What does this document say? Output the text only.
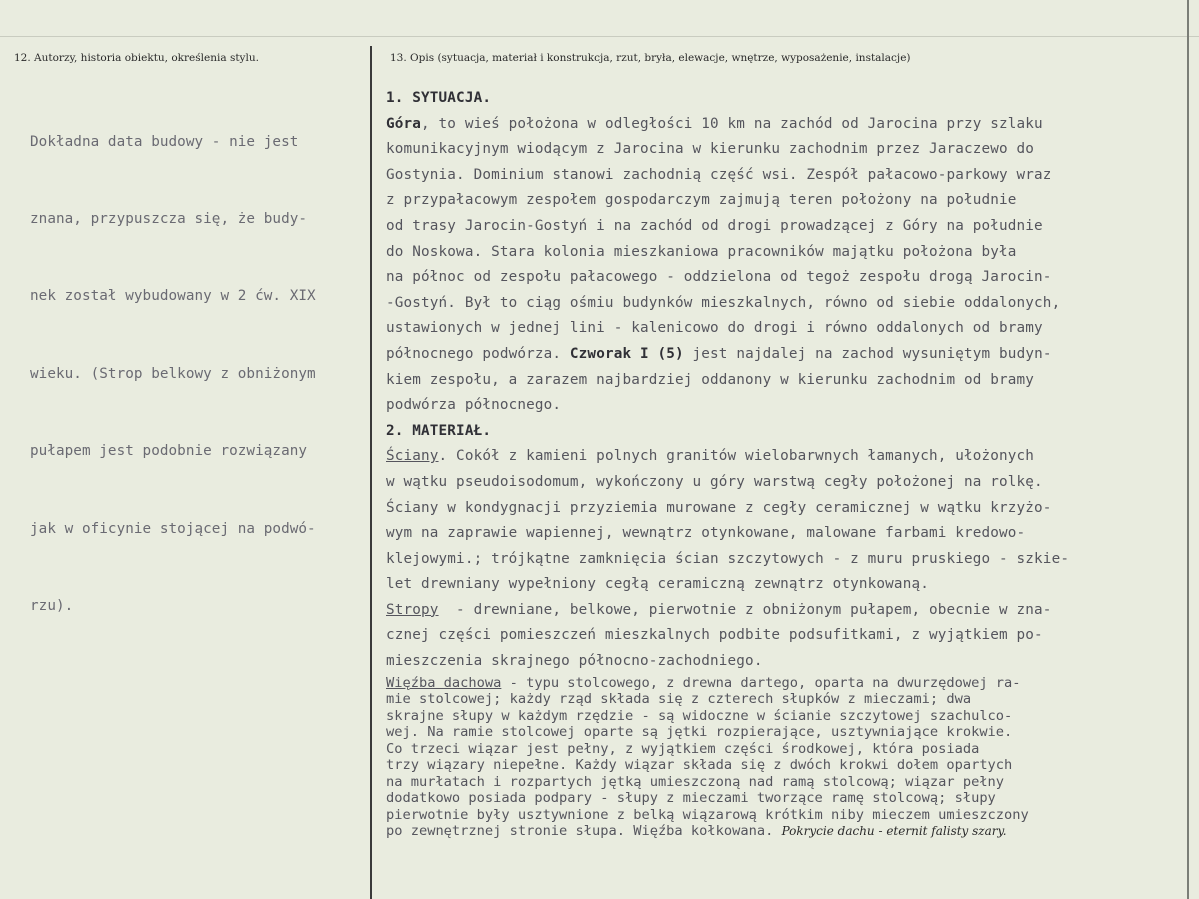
12. Autorzy, historia obiektu, określenia stylu.	13. Opis (sytuacja, materiał i konstrukcja, rzut, bryła, elewacje, wnętrze, wyposażenie, instalacje)

Dokładna data budowy - nie jest

znana, przypuszcza się, że budy-

nek został wybudowany w 2 ćw. XIX

wieku. (Strop belkowy z obniżonym

pułapem jest podobnie rozwiązany

jak w oficynie stojącej na podwó-

rzu).

1. SYTUACJA.
Góra, to wieś położona w odległości 10 km na zachód od Jarocina przy szlaku
komunikacyjnym wiodącym z Jarocina w kierunku zachodnim przez Jaraczewo do
Gostynia. Dominium stanowi zachodnią część wsi. Zespół pałacowo-parkowy wraz
z przypałacowym zespołem gospodarczym zajmują teren położony na południe
od trasy Jarocin-Gostyń i na zachód od drogi prowadzącej z Góry na południe
do Noskowa. Stara kolonia mieszkaniowa pracowników majątku położona była
na północ od zespołu pałacowego - oddzielona od tegoż zespołu drogą Jarocin-
-Gostyń. Był to ciąg ośmiu budynków mieszkalnych, równo od siebie oddalonych,
ustawionych w jednej lini - kalenicowo do drogi i równo oddalonych od bramy
północnego podwórza. Czworak I (5) jest najdalej na zachod wysuniętym budyn-
kiem zespołu, a zarazem najbardziej oddanony w kierunku zachodnim od bramy
podwórza północnego.
2. MATERIAŁ.
Ściany. Cokół z kamieni polnych granitów wielobarwnych łamanych, ułożonych
w wątku pseudoisodomum, wykończony u góry warstwą cegły położonej na rolkę.
Ściany w kondygnacji przyziemia murowane z cegły ceramicznej w wątku krzyżo-
wym na zaprawie wapiennej, wewnątrz otynkowane, malowane farbami kredowo-
klejowymi.; trójkątne zamknięcia ścian szczytowych - z muru pruskiego - szkie-
let drewniany wypełniony cegłą ceramiczną zewnątrz otynkowaną.
Stropy  - drewniane, belkowe, pierwotnie z obniżonym pułapem, obecnie w zna-
cznej części pomieszczeń mieszkalnych podbite podsufitkami, z wyjątkiem po-
mieszczenia skrajnego północno-zachodniego.
Więźba dachowa - typu stolcowego, z drewna dartego, oparta na dwurzędowej ra-
mie stolcowej; każdy rząd składa się z czterech słupków z mieczami; dwa
skrajne słupy w każdym rzędzie - są widoczne w ścianie szczytowej szachulco-
wej. Na ramie stolcowej oparte są jętki rozpierające, usztywniające krokwie.
Co trzeci wiązar jest pełny, z wyjątkiem części środkowej, która posiada
trzy wiązary niepełne. Każdy wiązar składa się z dwóch krokwi dołem opartych
na murłatach i rozpartych jętką umieszczoną nad ramą stolcową; wiązar pełny
dodatkowo posiada podpary - słupy z mieczami tworzące ramę stolcową; słupy
pierwotnie były usztywnione z belką wiązarową krótkim niby mieczem umieszczony
po zewnętrznej stronie słupa. Więźba kołkowana. Pokrycie dachu - eternit falisty szary.
